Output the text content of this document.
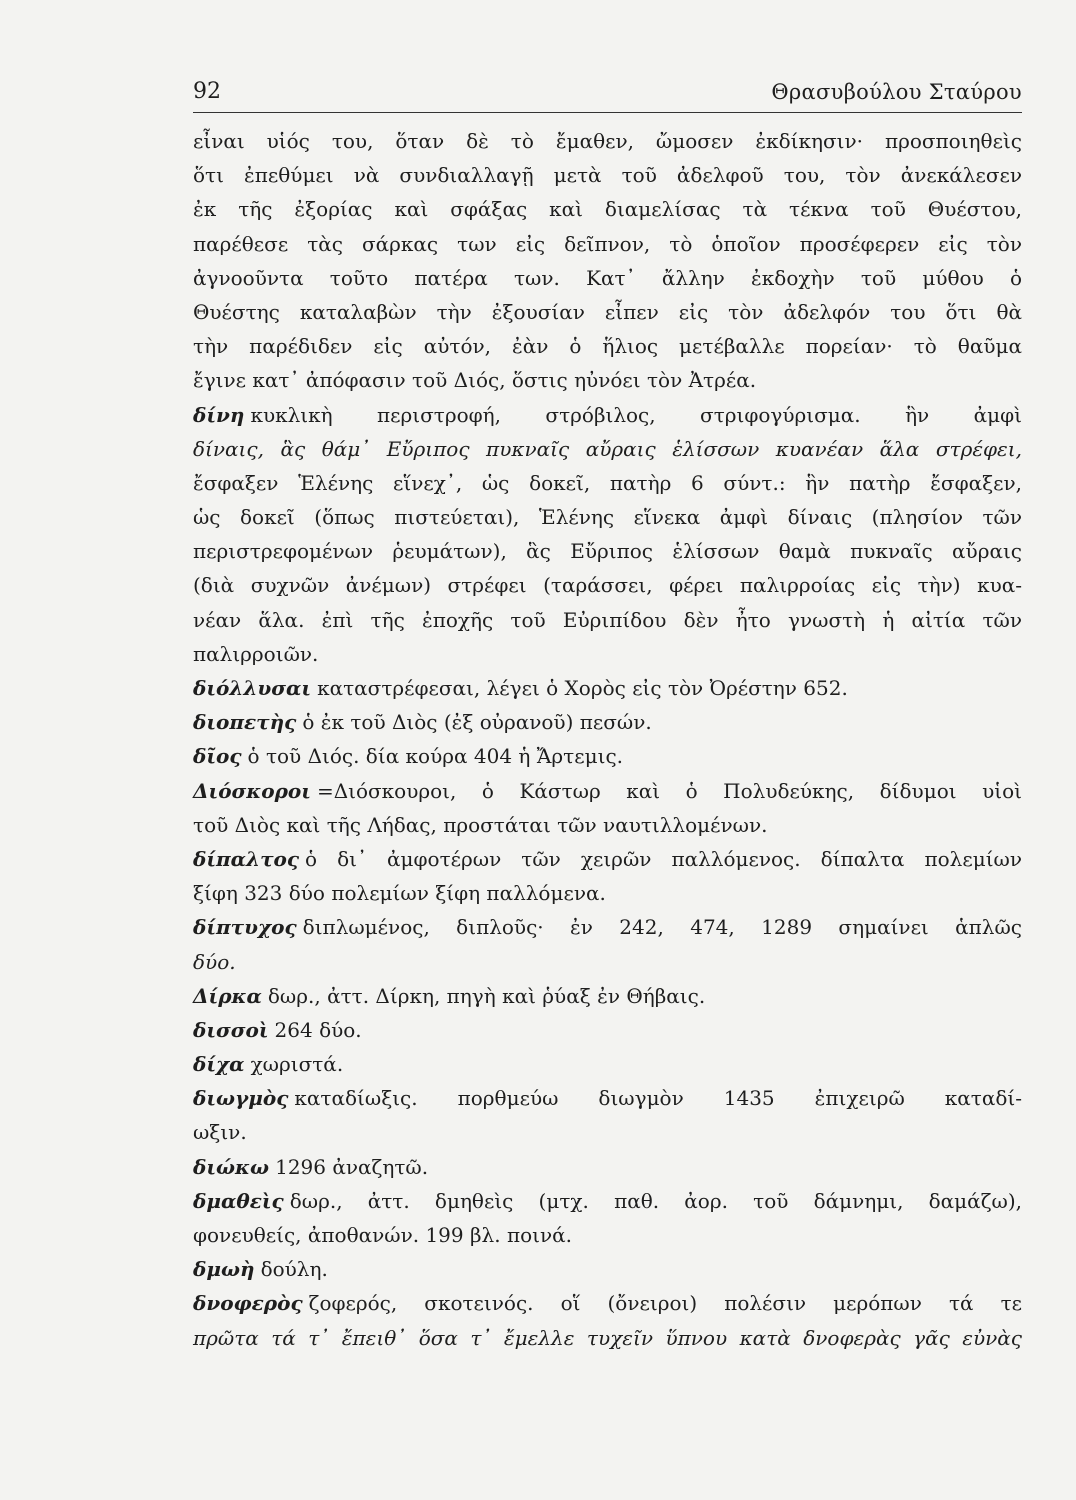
92	Θρασυβούλου Σταύρου
εἶναι υἱός του, ὅταν δὲ τὸ ἔμαθεν, ὤμοσεν ἐκδίκησιν· προσποιηθεὶς
ὅτι ἐπεθύμει νὰ συνδιαλλαγῇ μετὰ τοῦ ἀδελφοῦ του, τὸν ἀνεκάλεσεν
ἐκ τῆς ἐξορίας καὶ σφάξας καὶ διαμελίσας τὰ τέκνα τοῦ Θυέστου,
παρέθεσε τὰς σάρκας των εἰς δεῖπνον, τὸ ὁποῖον προσέφερεν εἰς τὸν
ἀγνοοῦντα τοῦτο πατέρα των. Κατ᾽ ἄλλην ἐκδοχὴν τοῦ μύθου ὁ
Θυέστης καταλαβὼν τὴν ἐξουσίαν εἶπεν εἰς τὸν ἀδελφόν του ὅτι θὰ
τὴν παρέδιδεν εἰς αὐτόν, ἐὰν ὁ ἥλιος μετέβαλλε πορείαν· τὸ θαῦμα
ἔγινε κατ᾽ ἀπόφασιν τοῦ Διός, ὅστις ηὐνόει τὸν Ἀτρέα.
δίνη κυκλικὴ περιστροφή, στρόβιλος, στριφογύρισμα. ἣν ἀμφὶ
δίναις, ἃς θάμ᾽ Εὔριπος πυκναῖς αὔραις ἑλίσσων κυανέαν ἅλα στρέφει,
ἔσφαξεν Ἑλένης εἵνεχ᾽, ὡς δοκεῖ, πατὴρ 6 σύντ.: ἣν πατὴρ ἔσφαξεν,
ὡς δοκεῖ (ὅπως πιστεύεται), Ἑλένης εἵνεκα ἀμφὶ δίναις (πλησίον τῶν
περιστρεφομένων ῥευμάτων), ἃς Εὔριπος ἑλίσσων θαμὰ πυκναῖς αὔραις
(διὰ συχνῶν ἀνέμων) στρέφει (ταράσσει, φέρει παλιρροίας εἰς τὴν) κυα-
νέαν ἅλα. ἐπὶ τῆς ἐποχῆς τοῦ Εὐριπίδου δὲν ἦτο γνωστὴ ἡ αἰτία τῶν
παλιρροιῶν.
διόλλυσαι καταστρέφεσαι, λέγει ὁ Χορὸς εἰς τὸν Ὀρέστην 652.
διοπετὴς ὁ ἐκ τοῦ Διὸς (ἐξ οὐρανοῦ) πεσών.
δῖος ὁ τοῦ Διός. δία κούρα 404 ἡ Ἄρτεμις.
Διόσκοροι =Διόσκουροι, ὁ Κάστωρ καὶ ὁ Πολυδεύκης, δίδυμοι υἱοὶ
τοῦ Διὸς καὶ τῆς Λήδας, προστάται τῶν ναυτιλλομένων.
δίπαλτος ὁ δι᾽ ἀμφοτέρων τῶν χειρῶν παλλόμενος. δίπαλτα πολεμίων
ξίφη 323 δύο πολεμίων ξίφη παλλόμενα.
δίπτυχος διπλωμένος, διπλοῦς· ἐν 242, 474, 1289 σημαίνει ἁπλῶς
δύο.
Δίρκα δωρ., ἀττ. Δίρκη, πηγὴ καὶ ῥύαξ ἐν Θήβαις.
δισσοὶ 264 δύο.
δίχα χωριστά.
διωγμὸς καταδίωξις. πορθμεύω διωγμὸν 1435 ἐπιχειρῶ καταδί-
ωξιν.
διώκω 1296 ἀναζητῶ.
δμαθεὶς δωρ., ἀττ. δμηθεὶς (μτχ. παθ. ἀορ. τοῦ δάμνημι, δαμάζω),
φονευθείς, ἀποθανών. 199 βλ. ποινά.
δμωὴ δούλη.
δνοφερὸς ζοφερός, σκοτεινός. οἵ (ὄνειροι) πολέσιν μερόπων τά τε
πρῶτα τά τ᾽ ἔπειθ᾽ ὅσα τ᾽ ἔμελλε τυχεῖν ὕπνου κατὰ δνοφερὰς γᾶς εὐνὰς
